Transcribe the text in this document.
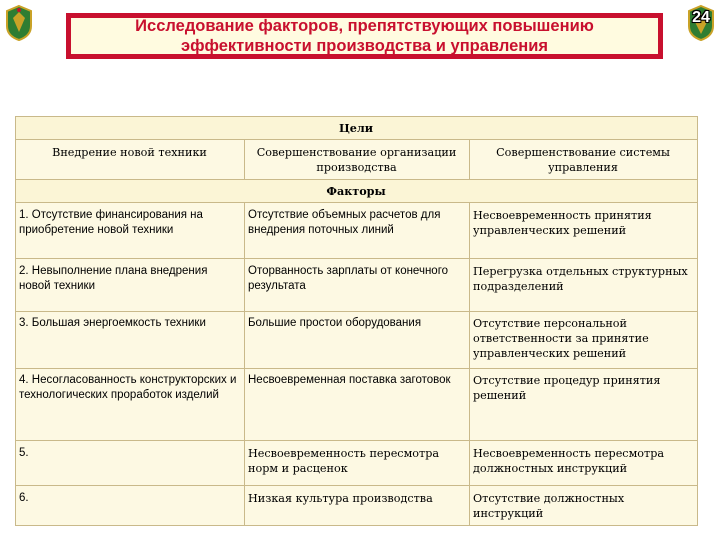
24
Исследование факторов, препятствующих повышению
эффективности производства и управления
Цели		
Внедрение новой техники	Совершенствование организации производства	Совершенствование системы управления
Факторы		
1. Отсутствие финансирования на приобретение новой техники	Отсутствие объемных расчетов для внедрения поточных линий	Несвоевременность принятия управленческих решений
2. Невыполнение плана внедрения новой техники	Оторванность зарплаты от конечного результата	Перегрузка отдельных структурных подразделений
3. Большая энергоемкость техники	Большие простои оборудования	Отсутствие персональной ответственности за принятие управленческих решений
4. Несогласованность конструкторских и технологических проработок изделий	Несвоевременная поставка заготовок	Отсутствие процедур принятия решений
5.	Несвоевременность пересмотра норм и расценок	Несвоевременность пересмотра должностных инструкций
6.	Низкая культура производства	Отсутствие должностных инструкций
